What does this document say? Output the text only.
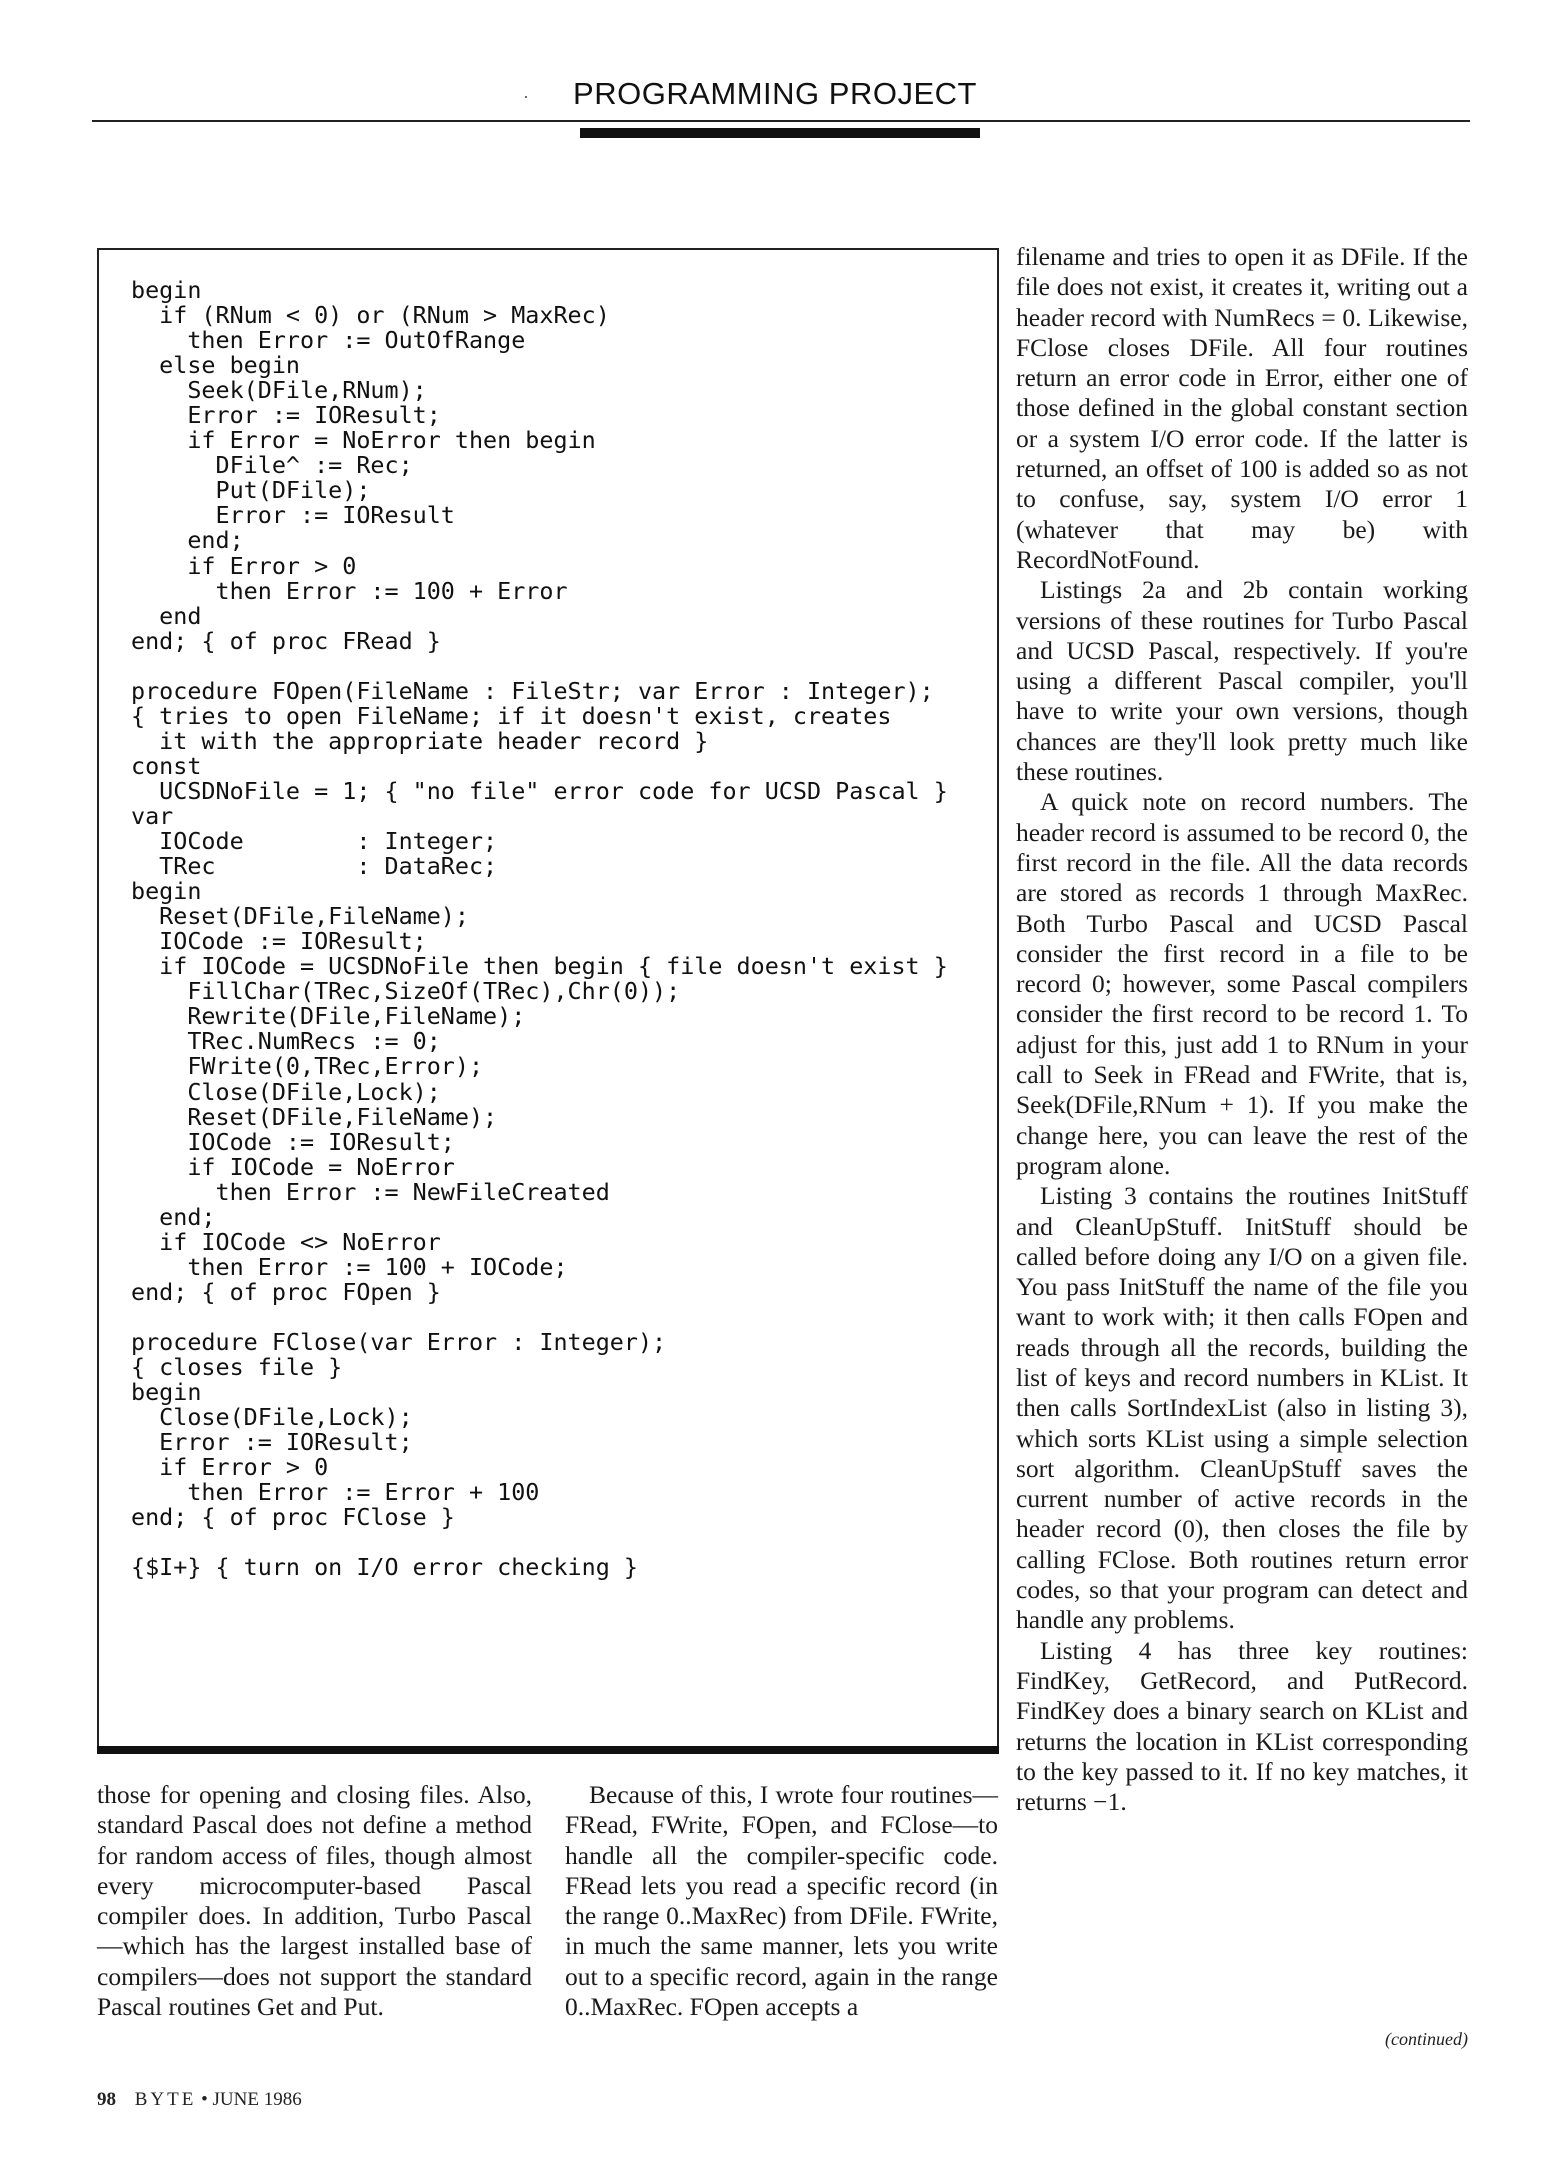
·	PROGRAMMING PROJECT
begin
if (RNum < 0) or (RNum > MaxRec)
then Error := OutOfRange
else begin
Seek(DFile,RNum);
Error := IOResult;
if Error = NoError then begin
DFile^ := Rec;
Put(DFile);
Error := IOResult
end;
if Error > 0
then Error := 100 + Error
end
end; { of proc FRead }

procedure FOpen(FileName : FileStr; var Error : Integer);
{ tries to open FileName; if it doesn't exist, creates
it with the appropriate header record }
const
UCSDNoFile = 1; { "no file" error code for UCSD Pascal }
var
IOCode        : Integer;
TRec          : DataRec;
begin
Reset(DFile,FileName);
IOCode := IOResult;
if IOCode = UCSDNoFile then begin { file doesn't exist }
FillChar(TRec,SizeOf(TRec),Chr(0));
Rewrite(DFile,FileName);
TRec.NumRecs := 0;
FWrite(0,TRec,Error);
Close(DFile,Lock);
Reset(DFile,FileName);
IOCode := IOResult;
if IOCode = NoError
then Error := NewFileCreated
end;
if IOCode <> NoError
then Error := 100 + IOCode;
end; { of proc FOpen }

procedure FClose(var Error : Integer);
{ closes file }
begin
Close(DFile,Lock);
Error := IOResult;
if Error > 0
then Error := Error + 100
end; { of proc FClose }

{$I+} { turn on I/O error checking }

those for opening and closing files. Also, standard Pascal does not define a method for random access of files, though almost every microcomputer-based Pascal compiler does. In addition, Turbo Pascal—which has the largest installed base of compilers—does not support the standard Pascal routines Get and Put.

Because of this, I wrote four routines—FRead, FWrite, FOpen, and FClose—to handle all the compiler-specific code. FRead lets you read a specific record (in the range 0..MaxRec) from DFile. FWrite, in much the same manner, lets you write out to a specific record, again in the range 0..MaxRec. FOpen accepts a

filename and tries to open it as DFile. If the file does not exist, it creates it, writing out a header record with NumRecs = 0. Likewise, FClose closes DFile. All four routines return an error code in Error, either one of those defined in the global constant section or a system I/O error code. If the latter is returned, an offset of 100 is added so as not to confuse, say, system I/O error 1 (whatever that may be) with RecordNotFound.

Listings 2a and 2b contain working versions of these routines for Turbo Pascal and UCSD Pascal, respectively. If you're using a different Pascal compiler, you'll have to write your own versions, though chances are they'll look pretty much like these routines.

A quick note on record numbers. The header record is assumed to be record 0, the first record in the file. All the data records are stored as records 1 through MaxRec. Both Turbo Pascal and UCSD Pascal consider the first record in a file to be record 0; however, some Pascal compilers consider the first record to be record 1. To adjust for this, just add 1 to RNum in your call to Seek in FRead and FWrite, that is, Seek(DFile,RNum + 1). If you make the change here, you can leave the rest of the program alone.

Listing 3 contains the routines InitStuff and CleanUpStuff. InitStuff should be called before doing any I/O on a given file. You pass InitStuff the name of the file you want to work with; it then calls FOpen and reads through all the records, building the list of keys and record numbers in KList. It then calls SortIndexList (also in listing 3), which sorts KList using a simple selection sort algorithm. CleanUpStuff saves the current number of active records in the header record (0), then closes the file by calling FClose. Both routines return error codes, so that your program can detect and handle any problems.

Listing 4 has three key routines: FindKey, GetRecord, and PutRecord. FindKey does a binary search on KList and returns the location in KList corresponding to the key passed to it. If no key matches, it returns −1.

(continued)
98 BYTE • JUNE 1986
